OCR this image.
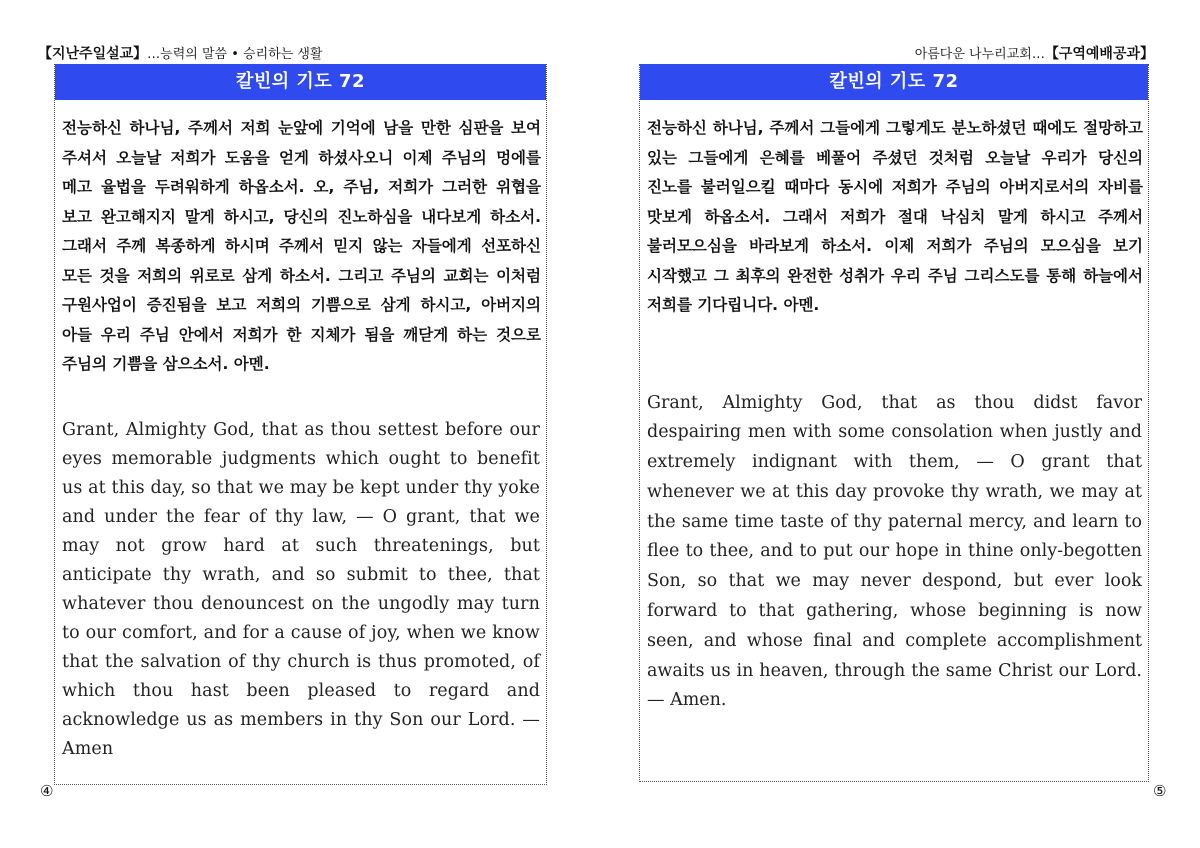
【지난주일설교】…능력의 말씀 • 승리하는 생활	아름다운 나누리교회…【구역예배공과】
칼빈의 기도 72
전능하신 하나님, 주께서 저희 눈앞에 기억에 남을 만한 심판을 보여 주셔서 오늘날 저희가 도움을 얻게 하셨사오니 이제 주님의 멍에를 메고 율법을 두려워하게 하옵소서. 오, 주님, 저희가 그러한 위협을 보고 완고해지지 말게 하시고, 당신의 진노하심을 내다보게 하소서. 그래서 주께 복종하게 하시며 주께서 믿지 않는 자들에게 선포하신 모든 것을 저희의 위로로 삼게 하소서. 그리고 주님의 교회는 이처럼 구원사업이 증진됨을 보고 저희의 기쁨으로 삼게 하시고, 아버지의 아들 우리 주님 안에서 저희가 한 지체가 됨을 깨닫게 하는 것으로 주님의 기쁨을 삼으소서. 아멘.
Grant, Almighty God, that as thou settest before our eyes memorable judgments which ought to benefit us at this day, so that we may be kept under thy yoke and under the fear of thy law, — O grant, that we may not grow hard at such threatenings, but anticipate thy wrath, and so submit to thee, that whatever thou denouncest on the ungodly may turn to our comfort, and for a cause of joy, when we know that the salvation of thy church is thus promoted, of which thou hast been pleased to regard and acknowledge us as members in thy Son our Lord. — Amen
칼빈의 기도 72
전능하신 하나님, 주께서 그들에게 그렇게도 분노하셨던 때에도 절망하고 있는 그들에게 은혜를 베풀어 주셨던 것처럼 오늘날 우리가 당신의 진노를 불러일으킬 때마다 동시에 저희가 주님의 아버지로서의 자비를 맛보게 하옵소서. 그래서 저희가 절대 낙심치 말게 하시고 주께서 불러모으심을 바라보게 하소서. 이제 저희가 주님의 모으심을 보기 시작했고 그 최후의 완전한 성취가 우리 주님 그리스도를 통해 하늘에서 저희를 기다립니다. 아멘.
Grant, Almighty God, that as thou didst favor despairing men with some consolation when justly and extremely indignant with them, — O grant that whenever we at this day provoke thy wrath, we may at the same time taste of thy paternal mercy, and learn to flee to thee, and to put our hope in thine only-begotten Son, so that we may never despond, but ever look forward to that gathering, whose beginning is now seen, and whose final and complete accomplishment awaits us in heaven, through the same Christ our Lord. — Amen.
④	⑤
